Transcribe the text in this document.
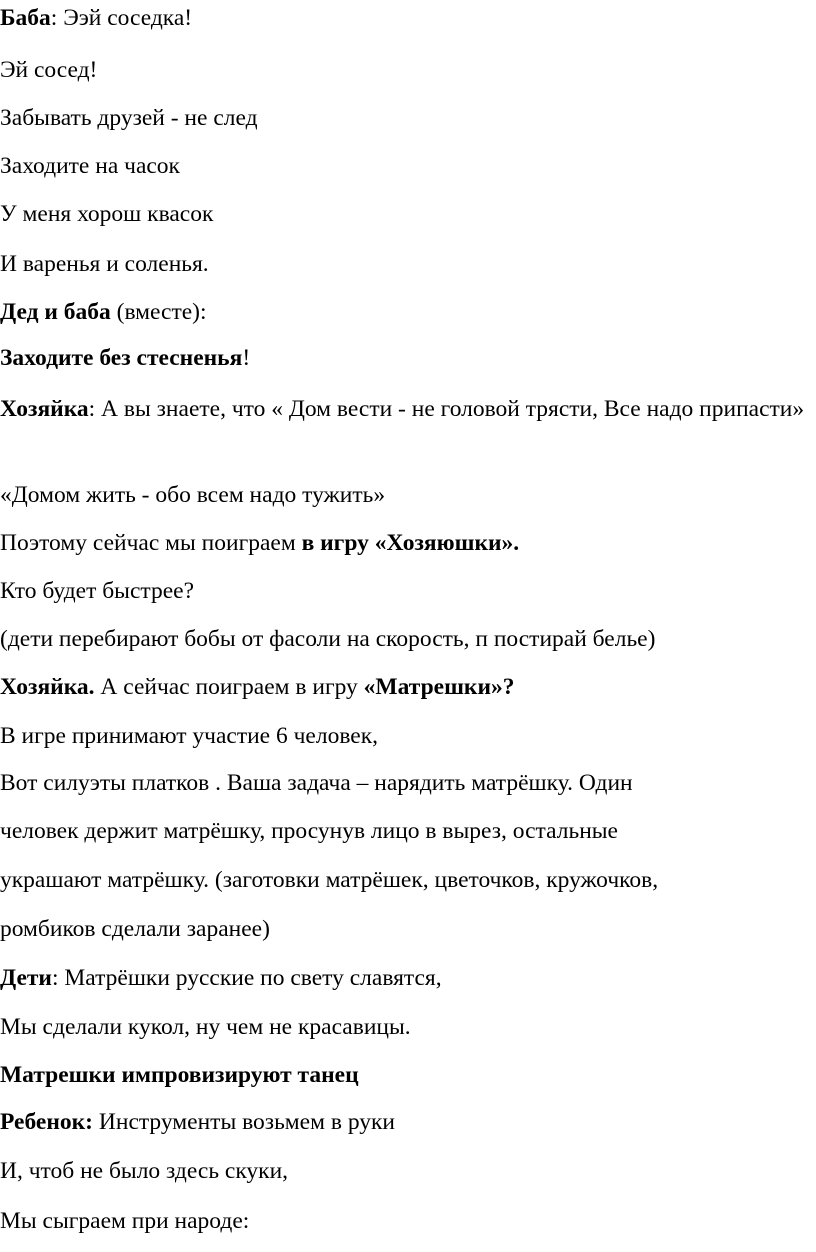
Баба: Ээй соседка!
Эй сосед!
Забывать друзей - не след
Заходите на часок
У меня хорош квасок
И варенья и соленья.
Дед и баба (вместе):
Заходите без стесненья!
Хозяйка: А вы знаете, что « Дом вести - не головой трясти, Все надо припасти»
«Домом жить - обо всем надо тужить»
Поэтому сейчас мы поиграем в игру «Хозяюшки».
Кто будет быстрее?
(дети перебирают бобы от фасоли на скорость, п постирай белье)
Хозяйка. А сейчас поиграем в игру «Матрешки»?
В игре принимают участие 6 человек,
Вот силуэты платков . Ваша задача – нарядить матрёшку. Один
человек держит матрёшку, просунув лицо в вырез, остальные
украшают матрёшку. (заготовки матрёшек, цветочков, кружочков,
ромбиков сделали заранее)
Дети: Матрёшки русские по свету славятся,
Мы сделали кукол, ну чем не красавицы.
Матрешки импровизируют танец
Ребенок: Инструменты возьмем в руки
И, чтоб не было здесь скуки,
Мы сыграем при народе:
